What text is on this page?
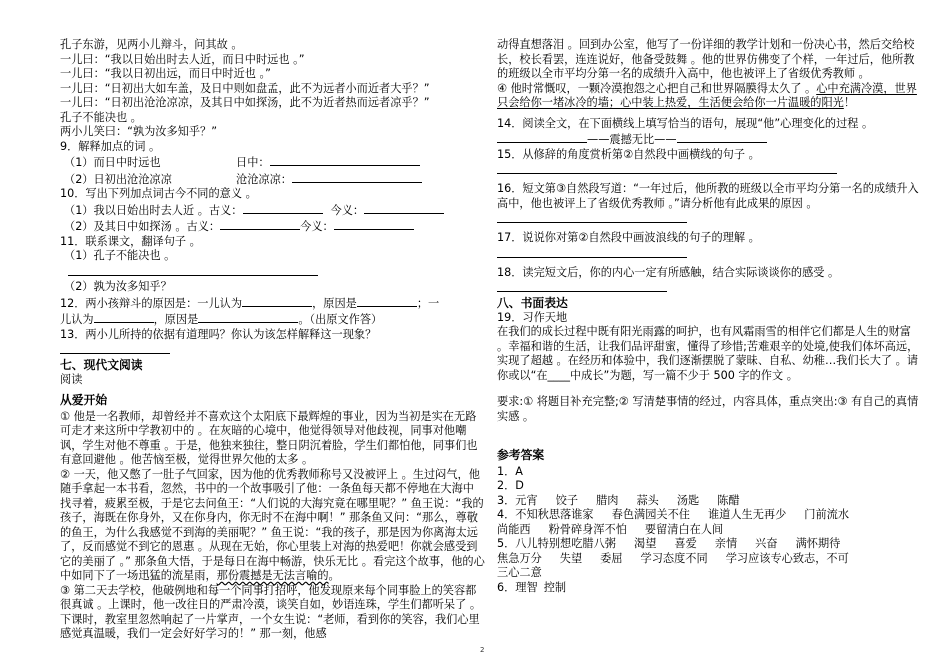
孔子东游，见两小儿辩斗，问其故 。
一儿曰：“我以日始出时去人近，而日中时远也 。”
一儿曰：“我以日初出远，而日中时近也 。”
一儿曰：“日初出大如车盖，及日中则如盘孟，此不为远者小而近者大乎？”
一儿曰：“日初出沧沧凉凉，及其日中如探汤，此不为近者热而远者凉乎？”
孔子不能决也 。
两小儿笑曰：“孰为汝多知乎？”
9．解释加点的词 。
（1）而日中时远也	日中：
（2）日初出沧沧凉凉	沧沧凉凉：
10．写出下列加点词古今不同的意义 。
（1）我以日始出时去人近 。古义：	今义：
（2）及其日中如探汤 。古义：	今义：
11．联系课文，翻译句子 。
（1）孔子不能决也 。
（2）孰为汝多知乎？
12．两小孩辩斗的原因是：一儿认为	，原因是	；一
儿认为	，原因是	。（出原文作答）
13．两小儿所持的依据有道理吗？你认为该怎样解释这一现象？
七、现代文阅读
阅读
从爱开始
① 他是一名教师，却曾经并不喜欢这个太阳底下最辉煌的事业，因为当初是实在无路可走才来这所中学教初中的 。在灰暗的心境中，他觉得领导对他歧视，同事对他嘲讽，学生对他不尊重 。于是，他独来独往，整日阴沉着脸，学生们都怕他，同事们也有意回避他 。他苦恼至极，觉得世界欠他的太多 。
② 一天，他又憋了一肚子气回家，因为他的优秀教师称号又没被评上 。生过闷气，他随手拿起一本书看，忽然，书中的一个故事吸引了他：一条鱼每天都不停地在大海中找寻着，疲累至极，于是它去问鱼王：“人们说的大海究竟在哪里呢？” 鱼王说：“我的孩子，海既在你身外，又在你身内，你无时不在海中啊！” 那条鱼又问：“那么，尊敬的鱼王，为什么我感觉不到海的美丽呢？” 鱼王说：“我的孩子，那是因为你离海太远了，反而感觉不到它的恩惠 。从现在无始，你心里装上对海的热爱吧！你就会感受到它的美丽了 。” 那条鱼大悟，于是每日在海中畅游，快乐无比 。看完这个故事，他的心中如同下了一场迅猛的流星雨，那份震撼是无法言喻的。
③ 第二天去学校，他破例地和每一个同事打招呼，他发现原来每个同事脸上的笑容都很真诚 。上课时，他一改往日的严肃冷漠，谈笑自如，妙语连珠，学生们都听呆了 。下课时，教室里忽然响起了一片掌声，一个女生说：“老师，看到你的笑容，我们心里感觉真温暖，我们一定会好好学习的！” 那一刻，他感
动得直想落泪 。回到办公室，他写了一份详细的教学计划和一份决心书，然后交给校长，校长看罢，连连说好，他备受鼓舞 。他的世界仿佛变了个样，一年过后，他所教的班级以全市平均分第一名的成绩升入高中，他也被评上了省级优秀教师 。
④ 他时常慨叹，一颗冷漠抱怨之心把自己和世界隔膜得太久了 。心中充满冷漠，世界只会给你一堵冰冷的墙；心中装上热爱，生活便会给你一片温暖的阳光！
14．阅读全文，在下面横线上填写恰当的语句，展现“他”心理变化的过程 。
——震撼无比——
15．从修辞的角度赏析第②自然段中画横线的句子 。
16．短文第③自然段写道：“一年过后，他所教的班级以全市平均分第一名的成绩升入高中，他也被评上了省级优秀教师 。”请分析他有此成果的原因 。
17．说说你对第②自然段中画波浪线的句子的理解 。
18．读完短文后，你的内心一定有所感触，结合实际谈谈你的感受 。
八、书面表达
19．习作天地
在我们的成长过程中既有阳光雨露的呵护，也有风霜雨雪的相伴它们都是人生的财富 。幸福和谐的生活，让我们品评甜蜜，懂得了珍惜;苦难艰辛的处境,使我们体坏高远，实现了超越 。在经历和体验中，我们逐渐摆脱了蒙昧、自私、幼稚…我们长大了 。请你或以“在____中成长”为题，写一篇不少于 500 字的作文 。
要求:① 将题目补充完整;② 写清楚事情的经过，内容具体，重点突出:③ 有自己的真情实感 。
参考答案
1．A
2．D
3．元宵 饺子 腊肉 蒜头 汤匙 陈醋
4．不知秋思落谁家 春色满园关不住 谁道人生无再少 门前流水
尚能西 粉骨碎身浑不怕 要留清白在人间
5．八儿特别想吃腊八粥 渴望 喜爱 亲情 兴奋 满怀期待
焦急万分 失望 委屈 学习态度不同 学习应该专心致志，不可
三心二意
6．理智 控制
2
